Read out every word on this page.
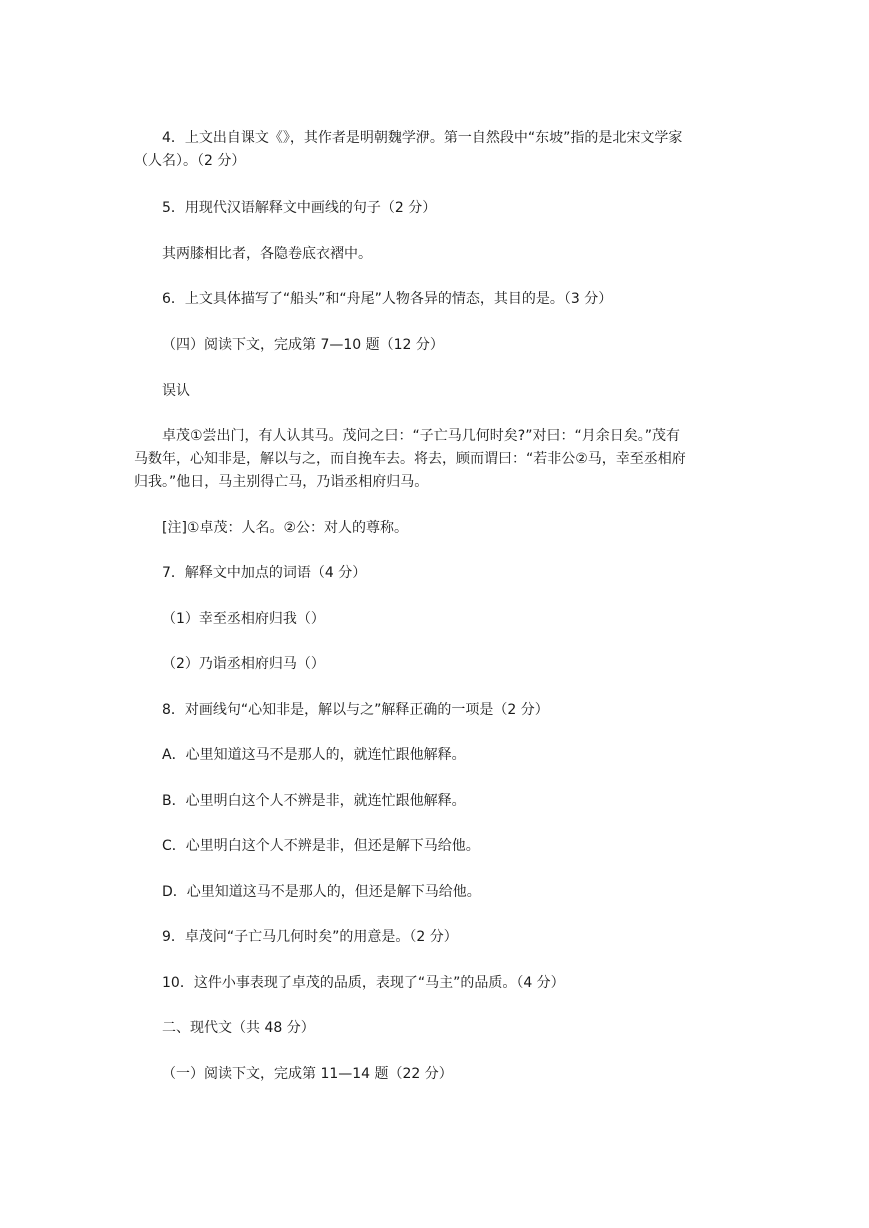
4．上文出自课文《》，其作者是明朝魏学洢。第一自然段中“东坡”指的是北宋文学家
（人名）。（2 分）
5．用现代汉语解释文中画线的句子（2 分）
其两膝相比者，各隐卷底衣褶中。
6．上文具体描写了“船头”和“舟尾”人物各异的情态，其目的是。（3 分）
（四）阅读下文，完成第 7—10 题（12 分）
误认
卓茂①尝出门，有人认其马。茂问之曰：“子亡马几何时矣?”对曰：“月余日矣。”茂有
马数年，心知非是，解以与之，而自挽车去。将去，顾而谓曰：“若非公②马，幸至丞相府
归我。”他日，马主别得亡马，乃诣丞相府归马。
[注]①卓茂：人名。②公：对人的尊称。
7．解释文中加点的词语（4 分）
（1）幸至丞相府归我（）
（2）乃诣丞相府归马（）
8．对画线句“心知非是，解以与之”解释正确的一项是（2 分）
A．心里知道这马不是那人的，就连忙跟他解释。
B．心里明白这个人不辨是非，就连忙跟他解释。
C．心里明白这个人不辨是非，但还是解下马给他。
D．心里知道这马不是那人的，但还是解下马给他。
9．卓茂问“子亡马几何时矣”的用意是。（2 分）
10．这件小事表现了卓茂的品质，表现了“马主”的品质。（4 分）
二、现代文（共 48 分）
（一）阅读下文，完成第 11—14 题（22 分）
